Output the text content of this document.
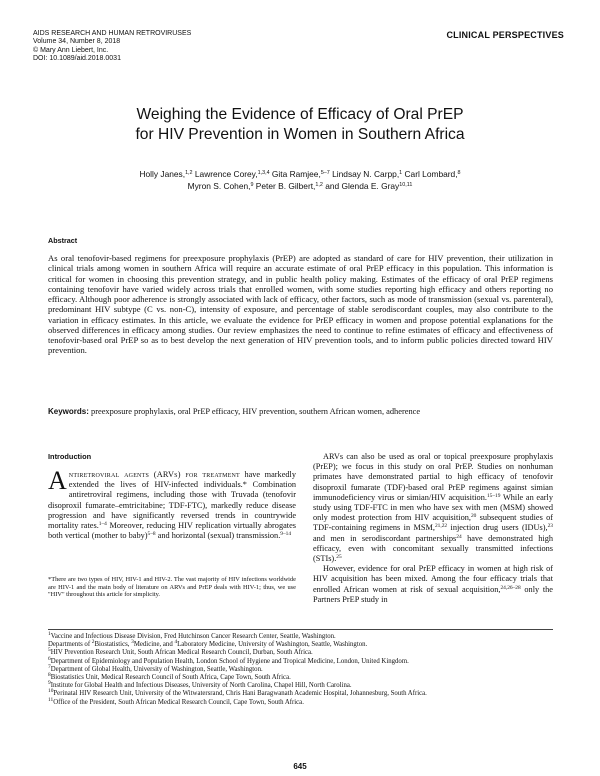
AIDS RESEARCH AND HUMAN RETROVIRUSES
Volume 34, Number 8, 2018
© Mary Ann Liebert, Inc.
DOI: 10.1089/aid.2018.0031
CLINICAL PERSPECTIVES
Weighing the Evidence of Efficacy of Oral PrEP
for HIV Prevention in Women in Southern Africa
Holly Janes,$^{1,2}$ Lawrence Corey,$^{1,3,4}$ Gita Ramjee,$^{5-7}$ Lindsay N. Carpp,$^1$ Carl Lombard,$^8$
Myron S. Cohen,$^9$ Peter B. Gilbert,$^{1,2}$ and Glenda E. Gray$^{10,11}$
Abstract

As oral tenofovir-based regimens for preexposure prophylaxis (PrEP) are adopted as standard of care for HIV prevention, their utilization in clinical trials among women in southern Africa will require an accurate estimate of oral PrEP efficacy in this population. This information is critical for women in choosing this prevention strategy, and in public health policy making. Estimates of the efficacy of oral PrEP regimens containing tenofovir have varied widely across trials that enrolled women, with some studies reporting high efficacy and others reporting no efficacy. Although poor adherence is strongly associated with lack of efficacy, other factors, such as mode of transmission (sexual vs. parenteral), predominant HIV subtype (C vs. non-C), intensity of exposure, and percentage of stable serodiscordant couples, may also contribute to the variation in efficacy estimates. In this article, we evaluate the evidence for PrEP efficacy in women and propose potential explanations for the observed differences in efficacy among studies. Our review emphasizes the need to continue to refine estimates of efficacy and effectiveness of tenofovir-based oral PrEP so as to best develop the next generation of HIV prevention tools, and to inform public policies directed toward HIV prevention.

Keywords: preexposure prophylaxis, oral PrEP efficacy, HIV prevention, southern African women, adherence
Introduction

Antiretroviral agents (ARVs) for treatment have markedly extended the lives of HIV-infected individuals.* Combination antiretroviral regimens, including those with Truvada (tenofovir disoproxil fumarate–emtricitabine; TDF-FTC), markedly reduce disease progression and have significantly reversed trends in countrywide mortality rates.$^{1-4}$ Moreover, reducing HIV replication virtually abrogates both vertical (mother to baby)$^{5-8}$ and horizontal (sexual) transmission.$^{9-14}$

*There are two types of HIV, HIV-1 and HIV-2. The vast majority of HIV infections worldwide are HIV-1 and the main body of literature on ARVs and PrEP deals with HIV-1; thus, we use "HIV" throughout this article for simplicity.

ARVs can also be used as oral or topical preexposure prophylaxis (PrEP); we focus in this study on oral PrEP. Studies on nonhuman primates have demonstrated partial to high efficacy of tenofovir disoproxil fumarate (TDF)-based oral PrEP regimens against simian immunodeficiency virus or simian/HIV acquisition.$^{15-19}$ While an early study using TDF-FTC in men who have sex with men (MSM) showed only modest protection from HIV acquisition,$^{20}$ subsequent studies of TDF-containing regimens in MSM,$^{21,22}$ injection drug users (IDUs),$^{23}$ and men in serodiscordant partnerships$^{24}$ have demonstrated high efficacy, even with concomitant sexually transmitted infections (STIs).$^{25}$

However, evidence for oral PrEP efficacy in women at high risk of HIV acquisition has been mixed. Among the four efficacy trials that enrolled African women at risk of sexual acquisition,$^{24,26-28}$ only the Partners PrEP study in

$^1$Vaccine and Infectious Disease Division, Fred Hutchinson Cancer Research Center, Seattle, Washington.
Departments of $^2$Biostatistics, $^3$Medicine, and $^4$Laboratory Medicine, University of Washington, Seattle, Washington.
$^5$HIV Prevention Research Unit, South African Medical Research Council, Durban, South Africa.
$^6$Department of Epidemiology and Population Health, London School of Hygiene and Tropical Medicine, London, United Kingdom.
$^7$Department of Global Health, University of Washington, Seattle, Washington.
$^8$Biostatistics Unit, Medical Research Council of South Africa, Cape Town, South Africa.
$^9$Institute for Global Health and Infectious Diseases, University of North Carolina, Chapel Hill, North Carolina.
$^{10}$Perinatal HIV Research Unit, University of the Witwatersrand, Chris Hani Baragwanath Academic Hospital, Johannesburg, South Africa.
$^{11}$Office of the President, South African Medical Research Council, Cape Town, South Africa.
645
